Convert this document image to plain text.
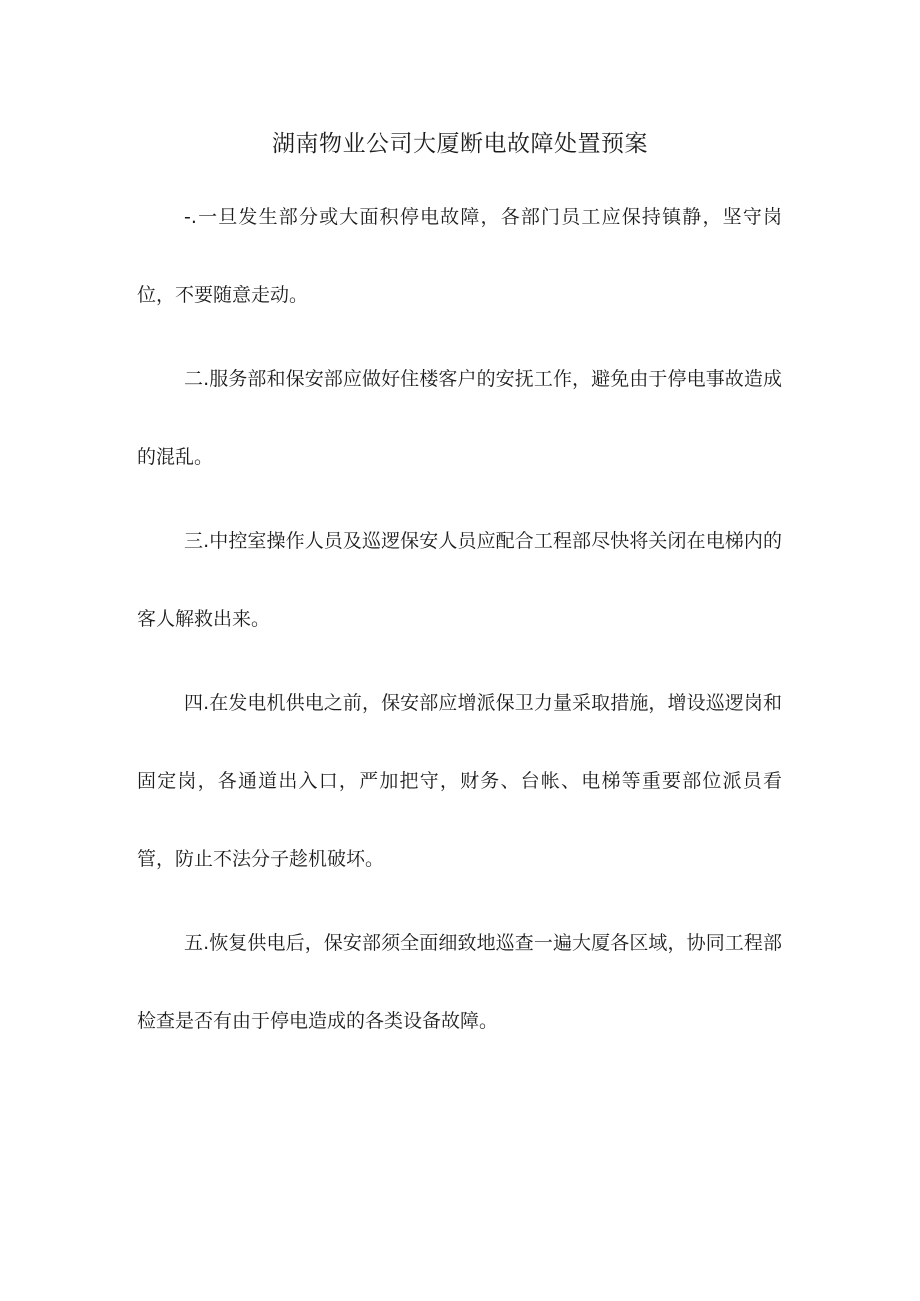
湖南物业公司大厦断电故障处置预案

-.一旦发生部分或大面积停电故障，各部门员工应保持镇静，坚守岗位，不要随意走动。

二.服务部和保安部应做好住楼客户的安抚工作，避免由于停电事故造成的混乱。

三.中控室操作人员及巡逻保安人员应配合工程部尽快将关闭在电梯内的客人解救出来。

四.在发电机供电之前，保安部应增派保卫力量采取措施，增设巡逻岗和固定岗，各通道出入口，严加把守，财务、台帐、电梯等重要部位派员看管，防止不法分子趁机破坏。

五.恢复供电后，保安部须全面细致地巡查一遍大厦各区域，协同工程部检查是否有由于停电造成的各类设备故障。
